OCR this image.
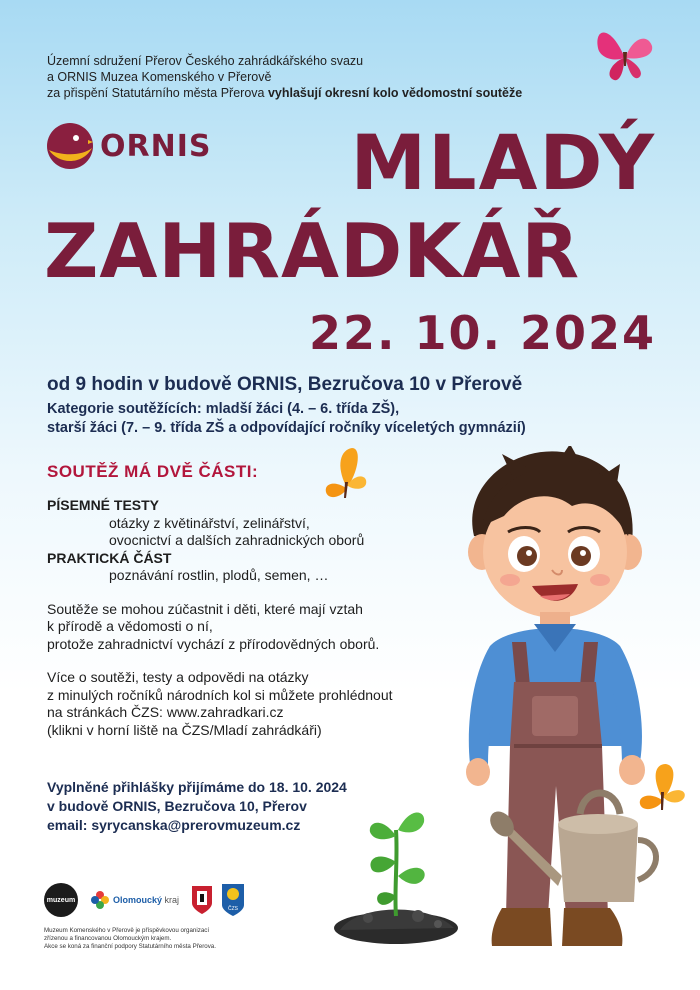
Územní sdružení Přerov Českého zahrádkářského svazu
a ORNIS Muzea Komenského v Přerově
za přispění Statutárního města Přerova vyhlašují okresní kolo vědomostní soutěže
ORNIS MLADÝ
ZAHRÁDKÁŘ
22. 10. 2024
od 9 hodin v budově ORNIS, Bezručova 10 v Přerově
Kategorie soutěžících: mladší žáci (4. – 6. třída ZŠ),
starší žáci (7. – 9. třída ZŠ a odpovídající ročníky víceletých gymnázií)
SOUTĚŽ MÁ DVĚ ČÁSTI:
PÍSEMNÉ TESTY
otázky z květinářství, zelinářství,
ovocnictví a dalších zahradnických oborů
PRAKTICKÁ ČÁST
poznávání rostlin, plodů, semen, …
Soutěže se mohou zúčastnit i děti, které mají vztah
k přírodě a vědomosti o ní,
protože zahradnictví vychází z přírodovědných oborů.
Více o soutěži, testy a odpovědi na otázky
z minulých ročníků národních kol si můžete prohlédnout
na stránkách ČZS: www.zahradkari.cz
(klikni v horní liště na ČZS/Mladí zahrádkáři)
Vyplněné přihlášky přijímáme do 18. 10. 2024
v budově ORNIS, Bezručova 10, Přerov
email: syrycanska@prerovmuzeum.cz
muzeum	Olomoucký kraj
ČZS
Muzeum Komenského v Přerově je příspěvkovou organizací
zřízenou a financovanou Olomouckým krajem.
Akce se koná za finanční podpory Statutárního města Přerova.
